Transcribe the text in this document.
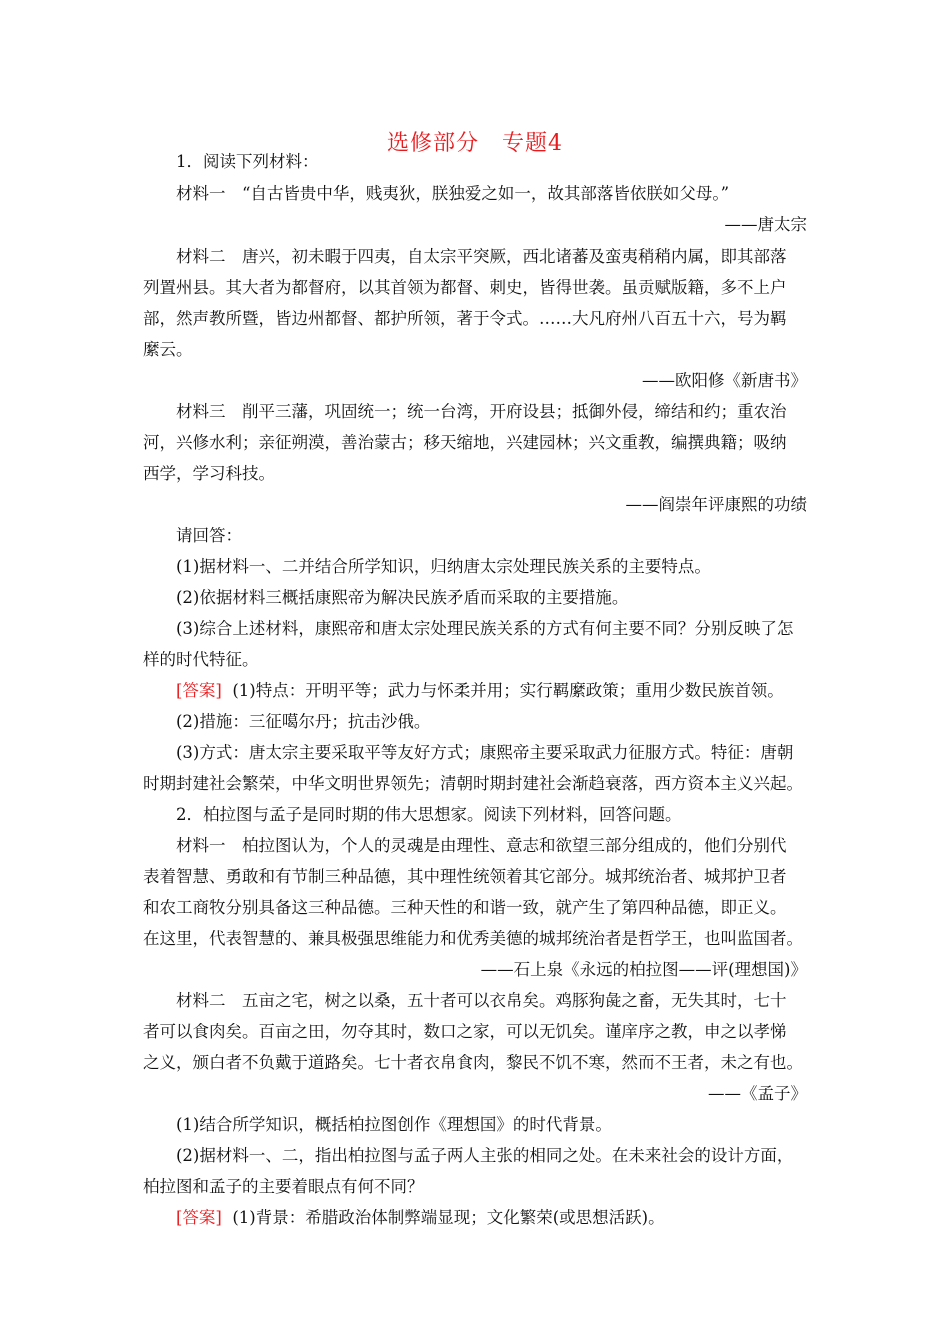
选修部分　专题4
1．阅读下列材料：
材料一　“自古皆贵中华，贱夷狄，朕独爱之如一，故其部落皆依朕如父母。”
——唐太宗
材料二　唐兴，初未暇于四夷，自太宗平突厥，西北诸蕃及蛮夷稍稍内属，即其部落
列置州县。其大者为都督府，以其首领为都督、刺史，皆得世袭。虽贡赋版籍，多不上户
部，然声教所暨，皆边州都督、都护所领，著于令式。……大凡府州八百五十六，号为羁
縻云。
——欧阳修《新唐书》
材料三　削平三藩，巩固统一；统一台湾，开府设县；抵御外侵，缔结和约；重农治
河，兴修水利；亲征朔漠，善治蒙古；移天缩地，兴建园林；兴文重教，编撰典籍；吸纳
西学，学习科技。
——阎崇年评康熙的功绩
请回答：
(1)据材料一、二并结合所学知识，归纳唐太宗处理民族关系的主要特点。
(2)依据材料三概括康熙帝为解决民族矛盾而采取的主要措施。
(3)综合上述材料，康熙帝和唐太宗处理民族关系的方式有何主要不同？分别反映了怎
样的时代特征。
[答案] (1)特点：开明平等；武力与怀柔并用；实行羁縻政策；重用少数民族首领。
(2)措施：三征噶尔丹；抗击沙俄。
(3)方式：唐太宗主要采取平等友好方式；康熙帝主要采取武力征服方式。特征：唐朝
时期封建社会繁荣，中华文明世界领先；清朝时期封建社会渐趋衰落，西方资本主义兴起。
2．柏拉图与孟子是同时期的伟大思想家。阅读下列材料，回答问题。
材料一　柏拉图认为，个人的灵魂是由理性、意志和欲望三部分组成的，他们分别代
表着智慧、勇敢和有节制三种品德，其中理性统领着其它部分。城邦统治者、城邦护卫者
和农工商牧分别具备这三种品德。三种天性的和谐一致，就产生了第四种品德，即正义。
在这里，代表智慧的、兼具极强思维能力和优秀美德的城邦统治者是哲学王，也叫监国者。
——石上泉《永远的柏拉图——评(理想国)》
材料二　五亩之宅，树之以桑，五十者可以衣帛矣。鸡豚狗彘之畜，无失其时，七十
者可以食肉矣。百亩之田，勿夺其时，数口之家，可以无饥矣。谨庠序之教，申之以孝悌
之义，颁白者不负戴于道路矣。七十者衣帛食肉，黎民不饥不寒，然而不王者，未之有也。
——《孟子》
(1)结合所学知识，概括柏拉图创作《理想国》的时代背景。
(2)据材料一、二，指出柏拉图与孟子两人主张的相同之处。在未来社会的设计方面，
柏拉图和孟子的主要着眼点有何不同？
[答案] (1)背景：希腊政治体制弊端显现；文化繁荣(或思想活跃)。
